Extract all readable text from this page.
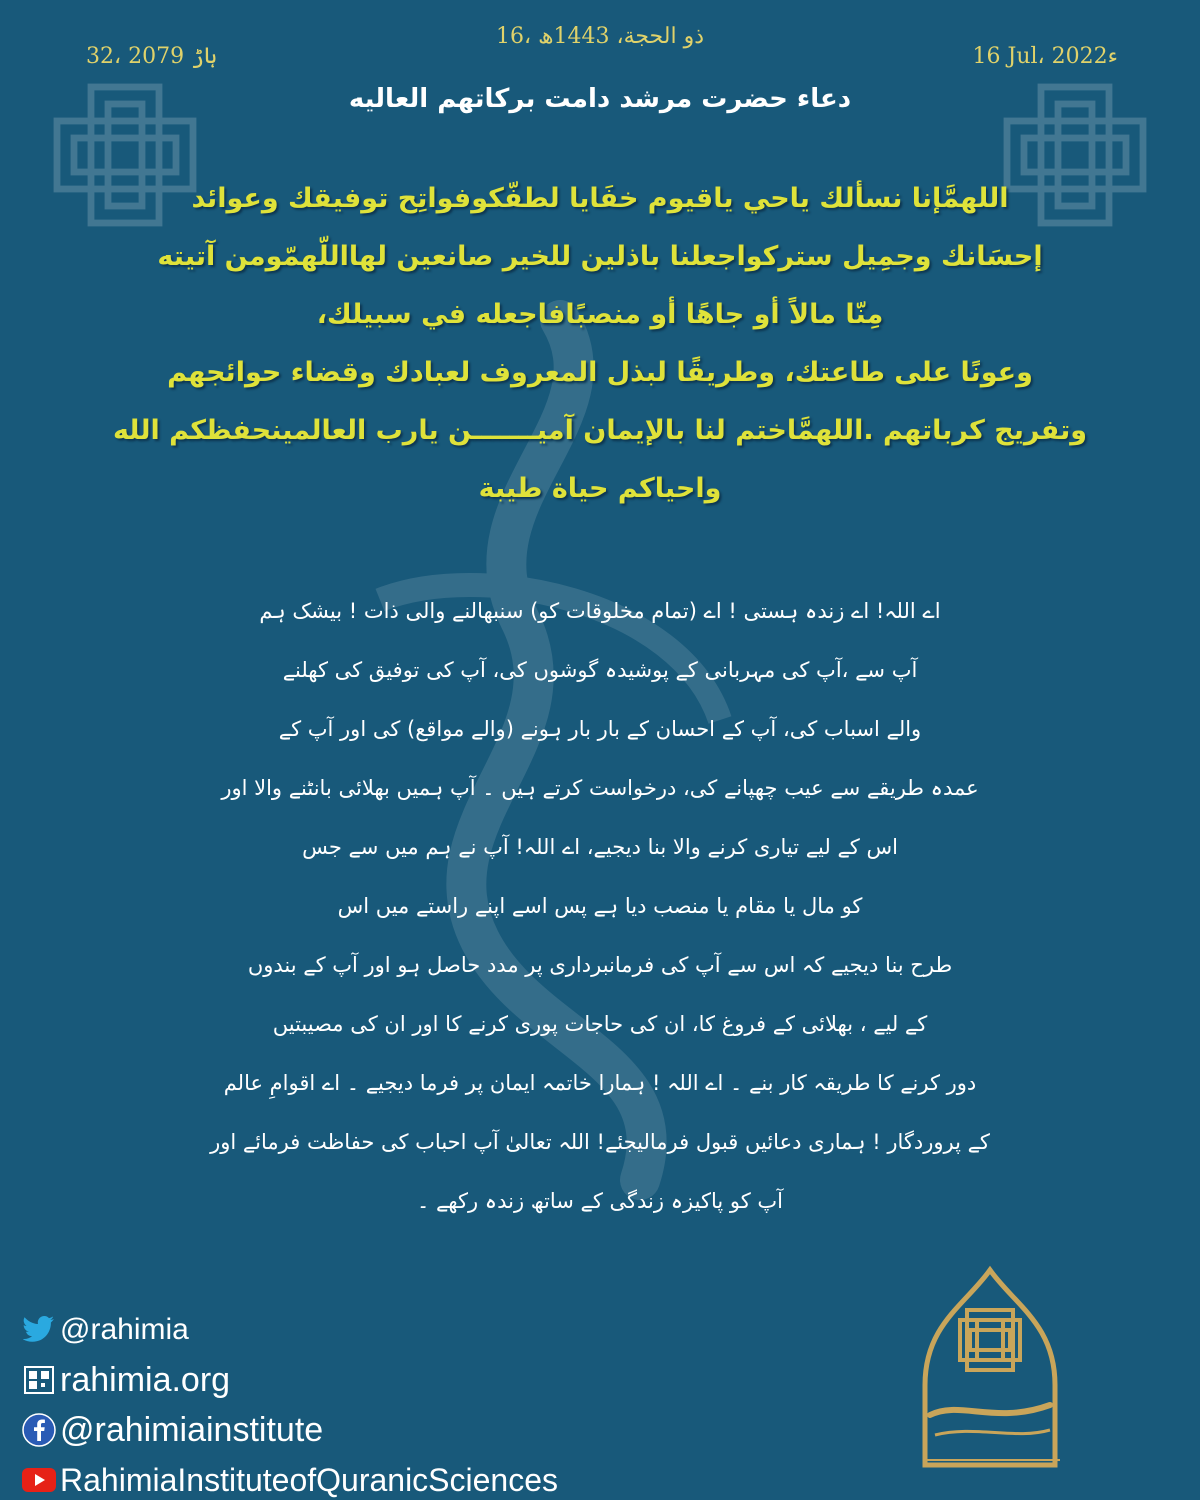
16، ذو الحجة، 1443ھ
32، ہاڑ 2079	16 Jul، 2022ء
دعاء حضرت مرشد دامت برکاتهم العالیه
اللهمَّإنا نسألك ياحي ياقيوم خفَايا لطفّكوفواتِح توفيقك وعوائد
إحسَانك وجمِيل ستركواجعلنا باذلين للخير صانعين لهااللّهمّومن آتيته
مِنّا مالاً أو جاهًا أو منصبًافاجعله في سبيلك،
وعونًا على طاعتك، وطريقًا لبذل المعروف لعبادك وقضاء حوائجهم
وتفريج كرباتهم .اللهمَّاختم لنا بالإيمان آميـــــــن يارب العالمينحفظكم الله
واحياكم حياة طيبة
اے اللہ! اے زندہ ہستی ! اے (تمام مخلوقات کو) سنبھالنے والی ذات ! بیشک ہم
آپ سے ،آپ کی مہربانی کے پوشیدہ گوشوں کی، آپ کی توفیق کی کھلنے
والے اسباب کی، آپ کے احسان کے بار بار ہونے (والے مواقع) کی اور آپ کے
عمدہ طریقے سے عیب چھپانے کی، درخواست کرتے ہیں ۔ آپ ہمیں بھلائی بانٹنے والا اور
اس کے لیے تیاری کرنے والا بنا دیجیے، اے اللہ! آپ نے ہم میں سے جس
کو مال یا مقام یا منصب دیا ہے پس اسے اپنے راستے میں اس
طرح بنا دیجیے کہ اس سے آپ کی فرمانبرداری پر مدد حاصل ہو اور آپ کے بندوں
کے لیے ، بھلائی کے فروغ کا، ان کی حاجات پوری کرنے کا اور ان کی مصیبتیں
دور کرنے کا طریقہ کار بنے ۔ اے اللہ ! ہمارا خاتمہ ایمان پر فرما دیجیے ۔ اے اقوامِ عالم
کے پروردگار ! ہماری دعائیں قبول فرمالیجئے! اللہ تعالیٰ آپ احباب کی حفاظت فرمائے اور
آپ کو پاکیزہ زندگی کے ساتھ زندہ رکھے ۔
@rahimia
rahimia.org
@rahimiainstitute
RahimiaInstituteofQuranicSciences
